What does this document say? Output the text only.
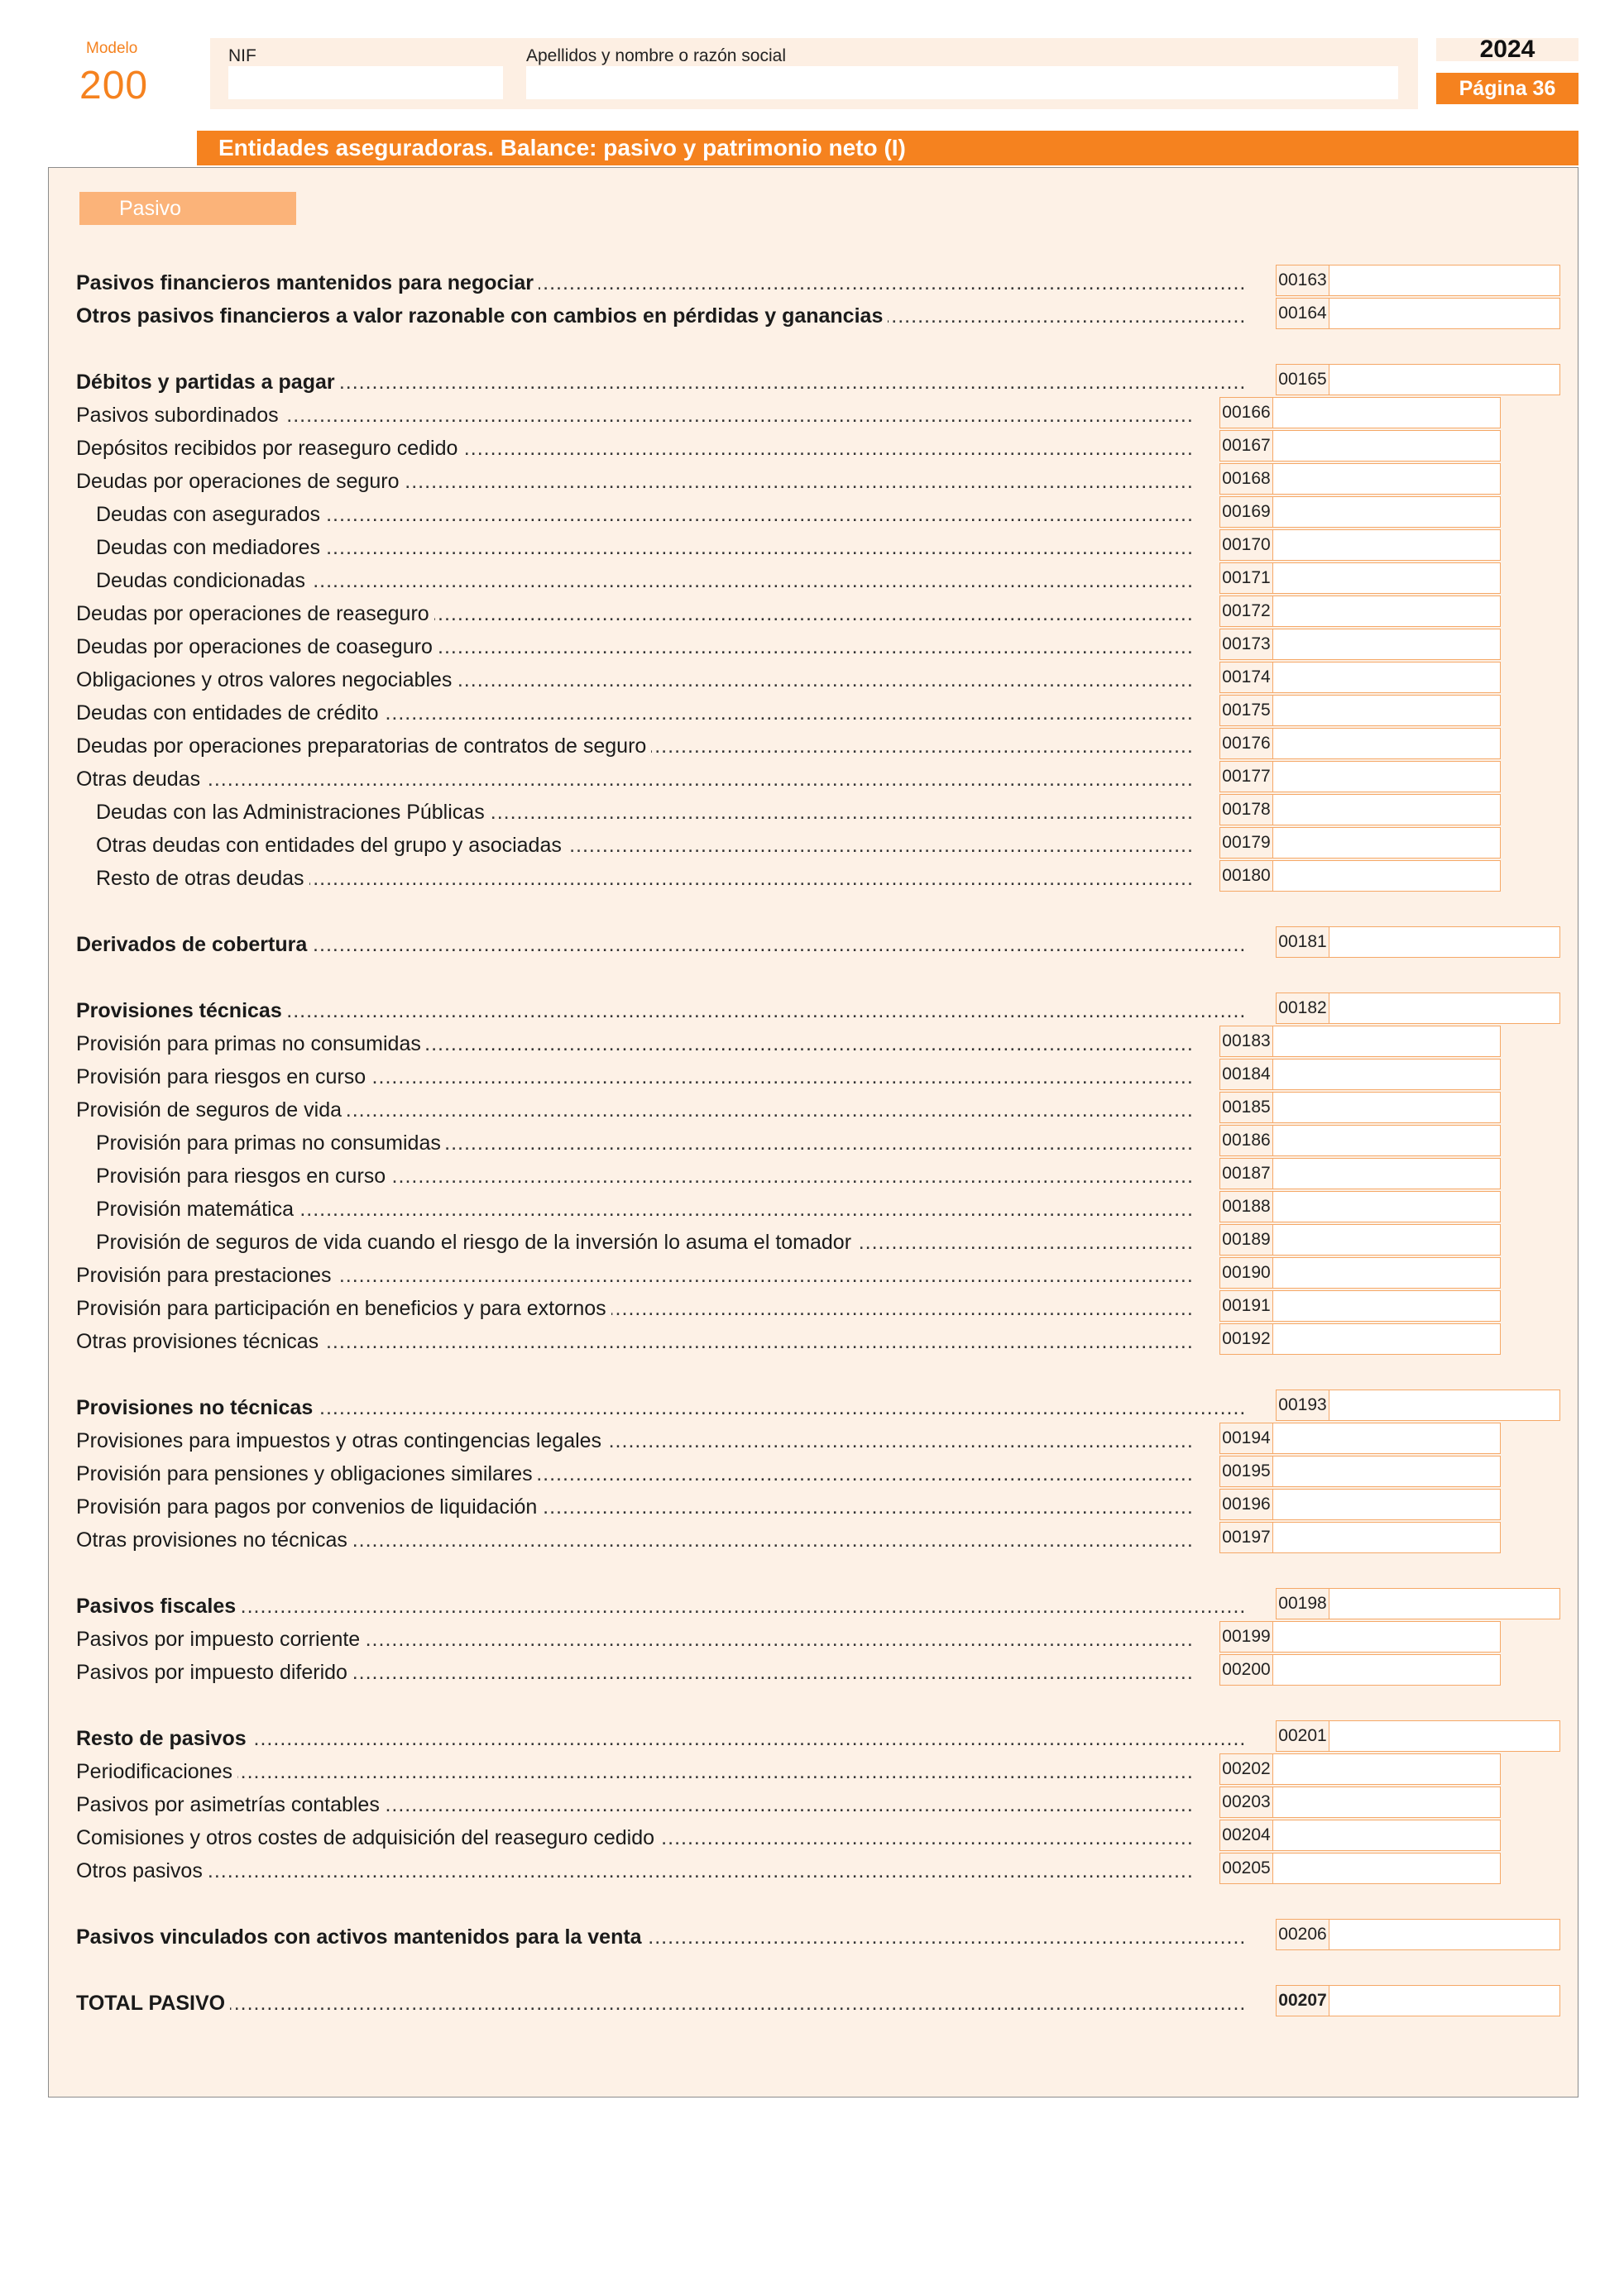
Modelo
200
NIF	Apellidos y nombre o razón social	2024
Página 36
Entidades aseguradoras. Balance: pasivo y patrimonio neto (I)
Pasivo
Pasivos financieros mantenidos para negociar .....	00163
Otros pasivos financieros a valor razonable con cambios en pérdidas y ganancias .....	00164
Débitos y partidas a pagar .....	00165
Pasivos subordinados .....	00166
Depósitos recibidos por reaseguro cedido .....	00167
Deudas por operaciones de seguro .....	00168
Deudas con asegurados .....	00169
Deudas con mediadores .....	00170
Deudas condicionadas .....	00171
Deudas por operaciones de reaseguro .....	00172
Deudas por operaciones de coaseguro .....	00173
Obligaciones y otros valores negociables .....	00174
Deudas con entidades de crédito .....	00175
Deudas por operaciones preparatorias de contratos de seguro .....	00176
Otras deudas .....	00177
Deudas con las Administraciones Públicas .....	00178
Otras deudas con entidades del grupo y asociadas .....	00179
Resto de otras deudas .....	00180
Derivados de cobertura .....	00181
Provisiones técnicas .....	00182
Provisión para primas no consumidas .....	00183
Provisión para riesgos en curso .....	00184
Provisión de seguros de vida .....	00185
Provisión para primas no consumidas .....	00186
Provisión para riesgos en curso .....	00187
Provisión matemática .....	00188
Provisión de seguros de vida cuando el riesgo de la inversión lo asuma el tomador .....	00189
Provisión para prestaciones .....	00190
Provisión para participación en beneficios y para extornos .....	00191
Otras provisiones técnicas .....	00192
Provisiones no técnicas .....	00193
Provisiones para impuestos y otras contingencias legales .....	00194
Provisión para pensiones y obligaciones similares .....	00195
Provisión para pagos por convenios de liquidación .....	00196
Otras provisiones no técnicas .....	00197
Pasivos fiscales .....	00198
Pasivos por impuesto corriente .....	00199
Pasivos por impuesto diferido .....	00200
Resto de pasivos .....	00201
Periodificaciones .....	00202
Pasivos por asimetrías contables .....	00203
Comisiones y otros costes de adquisición del reaseguro cedido .....	00204
Otros pasivos .....	00205
Pasivos vinculados con activos mantenidos para la venta .....	00206
TOTAL PASIVO .....	00207
